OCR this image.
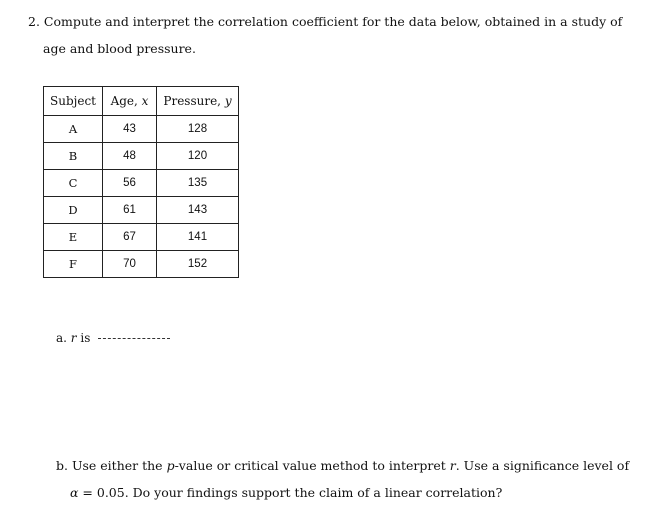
2. Compute and interpret the correlation coefficient for the data below, obtained in a study of
age and blood pressure.
Subject	Age, x	Pressure, y
A	43	128
B	48	120
C	56	135
D	61	143
E	67	141
F	70	152
a. r is
b. Use either the p-value or critical value method to interpret r. Use a significance level of
α = 0.05. Do your findings support the claim of a linear correlation?
